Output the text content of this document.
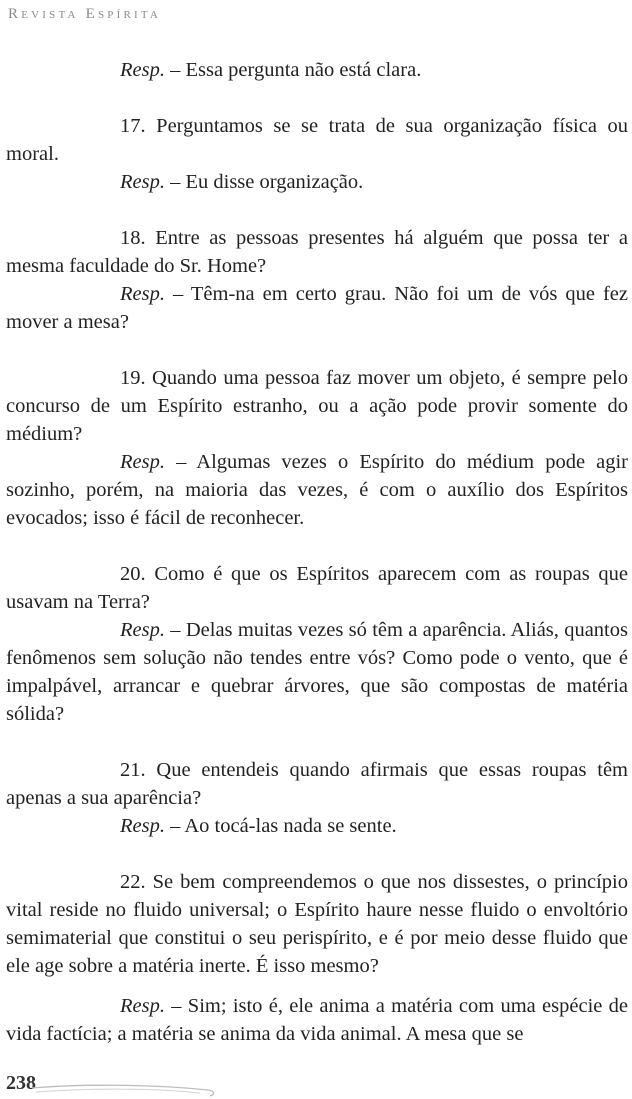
Revista Espírita

Resp. – Essa pergunta não está clara.

17. Perguntamos se se trata de sua organização física ou moral.

Resp. – Eu disse organização.

18. Entre as pessoas presentes há alguém que possa ter a mesma faculdade do Sr. Home?

Resp. – Têm-na em certo grau. Não foi um de vós que fez mover a mesa?

19. Quando uma pessoa faz mover um objeto, é sempre pelo concurso de um Espírito estranho, ou a ação pode provir somente do médium?

Resp. – Algumas vezes o Espírito do médium pode agir sozinho, porém, na maioria das vezes, é com o auxílio dos Espíritos evocados; isso é fácil de reconhecer.

20. Como é que os Espíritos aparecem com as roupas que usavam na Terra?

Resp. – Delas muitas vezes só têm a aparência. Aliás, quantos fenômenos sem solução não tendes entre vós? Como pode o vento, que é impalpável, arrancar e quebrar árvores, que são compostas de matéria sólida?

21. Que entendeis quando afirmais que essas roupas têm apenas a sua aparência?

Resp. – Ao tocá-las nada se sente.

22. Se bem compreendemos o que nos dissestes, o princípio vital reside no fluido universal; o Espírito haure nesse fluido o envoltório semimaterial que constitui o seu perispírito, e é por meio desse fluido que ele age sobre a matéria inerte. É isso mesmo?

Resp. – Sim; isto é, ele anima a matéria com uma espécie de vida factícia; a matéria se anima da vida animal. A mesa que se

238
